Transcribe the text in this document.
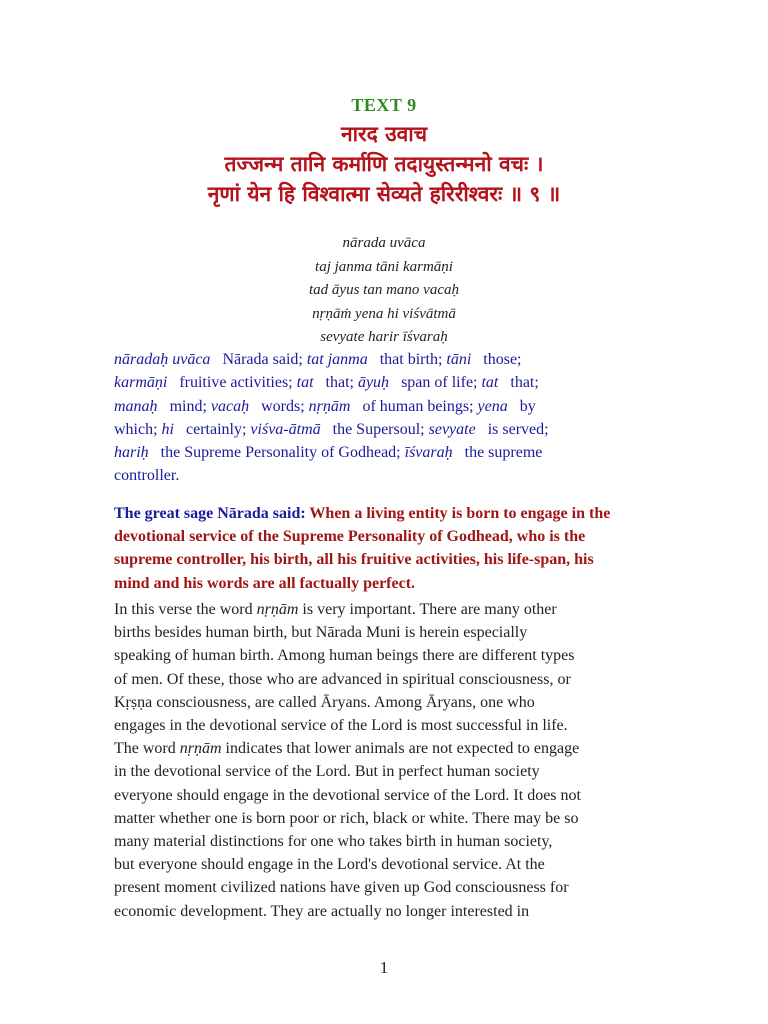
TEXT 9
नारद उवाच
तज्जन्म तानि कर्माणि तदायुस्तन्मनो वचः ।
नृणां येन हि विश्वात्मा सेव्यते हरिरीश्वरः ॥ ९ ॥
nārada uvāca
taj janma tāni karmāṇi
tad āyus tan mano vacaḥ
nṛṇāṁ yena hi viśvātmā
sevyate harir īśvaraḥ
nāradaḥ uvāca   Nārada said; tat janma   that birth; tāni   those;
karmāṇi   fruitive activities; tat   that; āyuḥ   span of life; tat   that;
manaḥ   mind; vacaḥ   words; nṛṇām   of human beings; yena   by
which; hi   certainly; viśva-ātmā   the Supersoul; sevyate   is served;
hariḥ   the Supreme Personality of Godhead; īśvaraḥ   the supreme
controller.
The great sage Nārada said: When a living entity is born to engage in the
devotional service of the Supreme Personality of Godhead, who is the
supreme controller, his birth, all his fruitive activities, his life-span, his
mind and his words are all factually perfect.
In this verse the word nṛṇām is very important. There are many other
births besides human birth, but Nārada Muni is herein especially
speaking of human birth. Among human beings there are different types
of men. Of these, those who are advanced in spiritual consciousness, or
Kṛṣṇa consciousness, are called Āryans. Among Āryans, one who
engages in the devotional service of the Lord is most successful in life.
The word nṛṇām indicates that lower animals are not expected to engage
in the devotional service of the Lord. But in perfect human society
everyone should engage in the devotional service of the Lord. It does not
matter whether one is born poor or rich, black or white. There may be so
many material distinctions for one who takes birth in human society,
but everyone should engage in the Lord's devotional service. At the
present moment civilized nations have given up God consciousness for
economic development. They are actually no longer interested in
1
